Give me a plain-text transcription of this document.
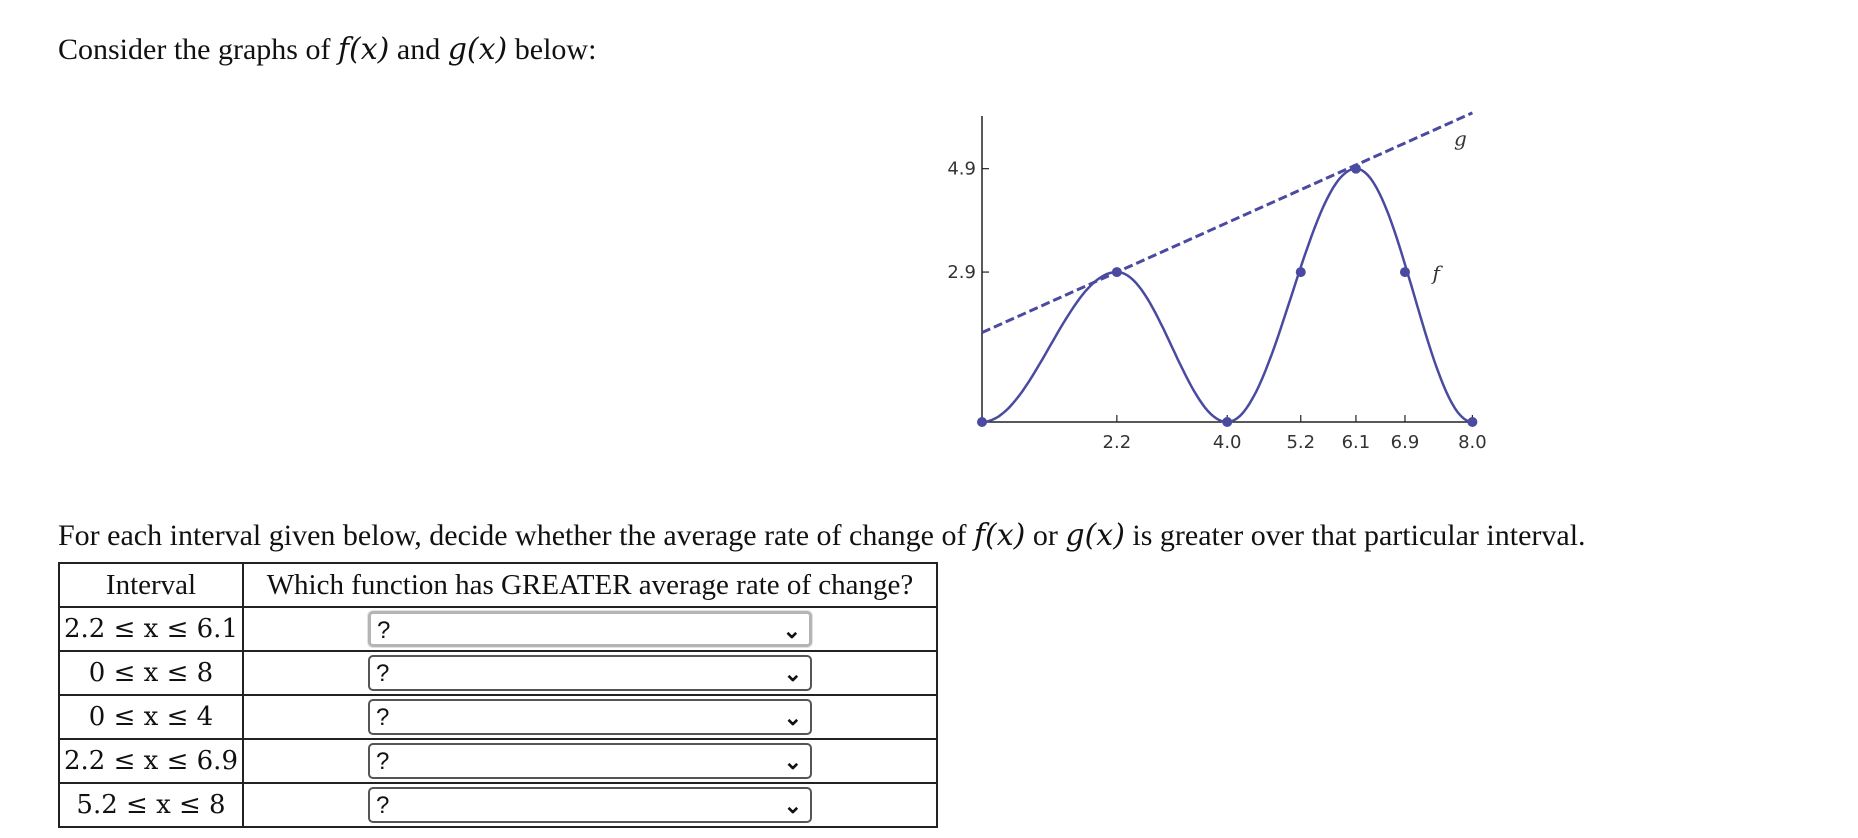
Consider the graphs of f(x) and g(x) below:

2.2	4.0 5.2 6.1 6.9 8.0
4.9
2.9	f
g

For each interval given below, decide whether the average rate of change of f(x) or g(x) is greater over that particular interval.

Interval	Which function has GREATER average rate of change?
2.2 ≤ x ≤ 6.1	? ⌄

0 ≤ x ≤ 8	? ⌄

0 ≤ x ≤ 4	? ⌄

2.2 ≤ x ≤ 6.9	? ⌄

5.2 ≤ x ≤ 8	? ⌄
